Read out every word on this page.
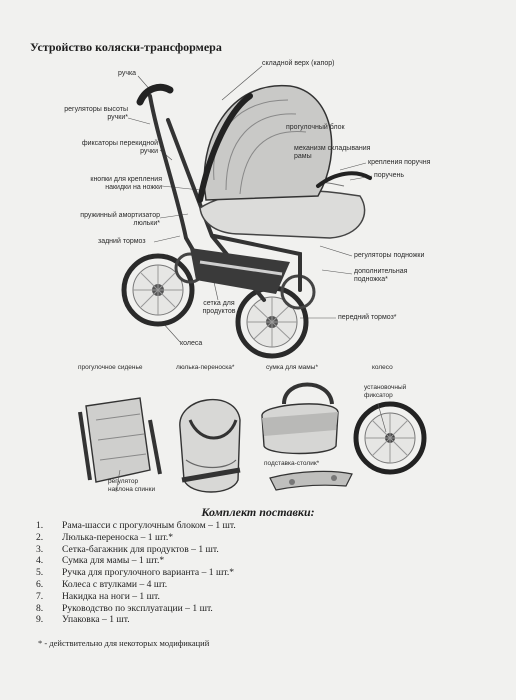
Устройство коляски-трансформера
ручка
регуляторы высоты
ручки*
фиксаторы перекидной
ручки
кнопки для крепления
накидки на ножки
пружинный амортизатор
люльки*
задний тормоз
складной верх (капор)
прогулочный блок
механизм складывания
рамы
крепления поручня
поручень
регуляторы подножки
дополнительная
подножка*
сетка для
продуктов
передний тормоз*
колеса
прогулочное сиденье	люлька-переноска*	сумка для мамы*	колесо
установочный
фиксатор
регулятор
наклона спинки
подставка-столик*
Комплект поставки:
1. Рама-шасси с прогулочным блоком – 1 шт.
2. Люлька-переноска – 1 шт.*
3. Сетка-багажник для продуктов – 1 шт.
4. Сумка для мамы – 1 шт.*
5. Ручка для прогулочного варианта – 1 шт.*
6. Колеса с втулками – 4 шт.
7. Накидка на ноги – 1 шт.
8. Руководство по эксплуатации – 1 шт.
9. Упаковка – 1 шт.
* - действительно для некоторых модификаций
